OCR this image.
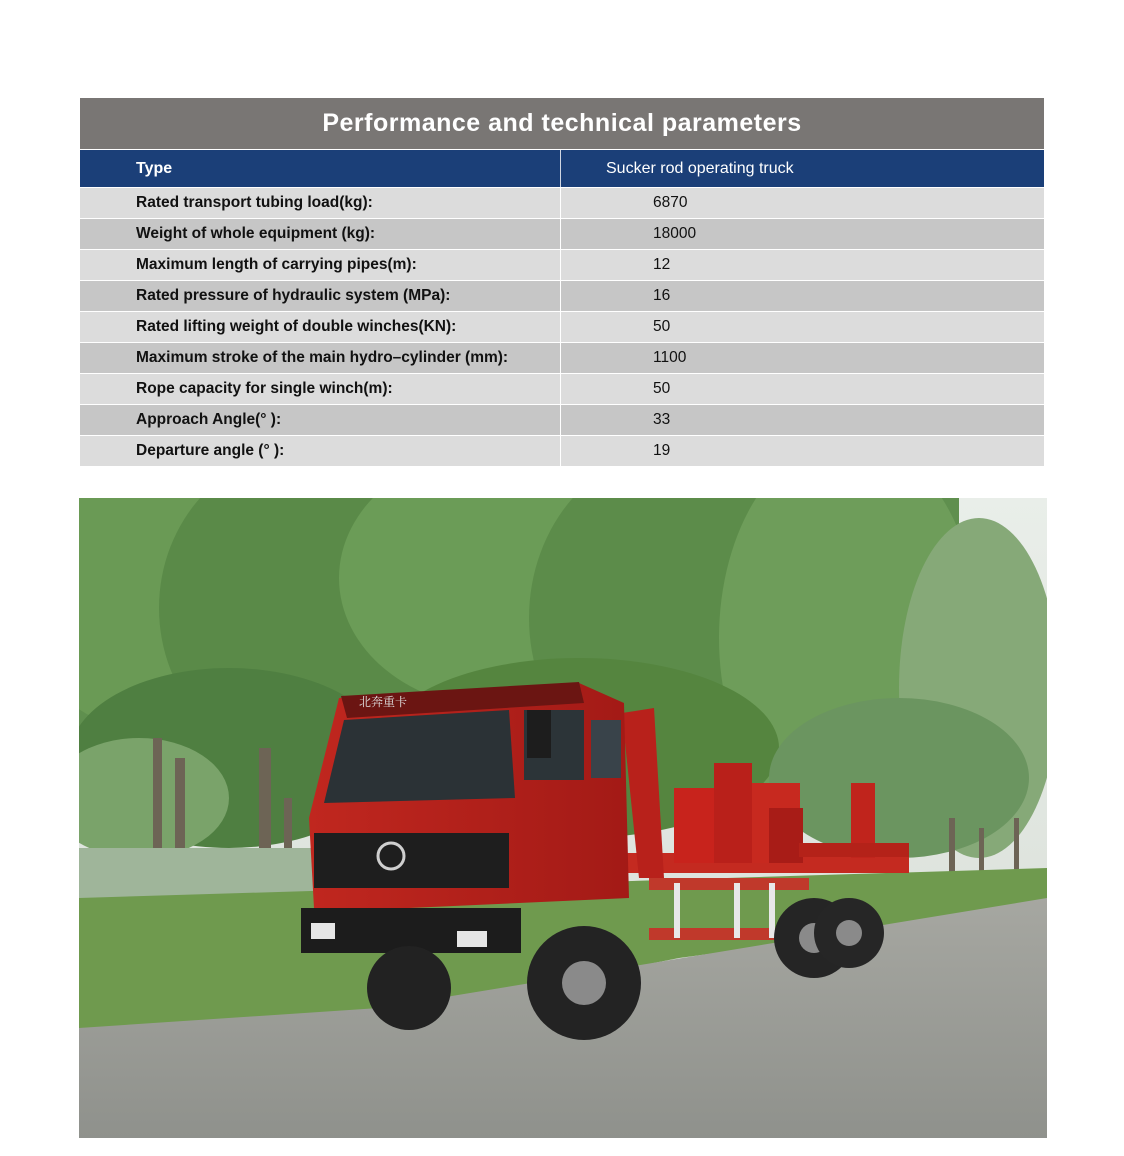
Performance and technical parameters
Type	Sucker rod operating truck
Rated transport tubing load(kg):	6870
Weight of whole equipment (kg):	18000
Maximum length of carrying pipes(m):	12
Rated pressure of hydraulic system (MPa):	16
Rated lifting weight of double winches(KN):	50
Maximum stroke of the main hydro–cylinder (mm):	1100
Rope capacity for single winch(m):	50
Approach Angle(° ):	33
Departure angle (° ):	19
北奔重卡
